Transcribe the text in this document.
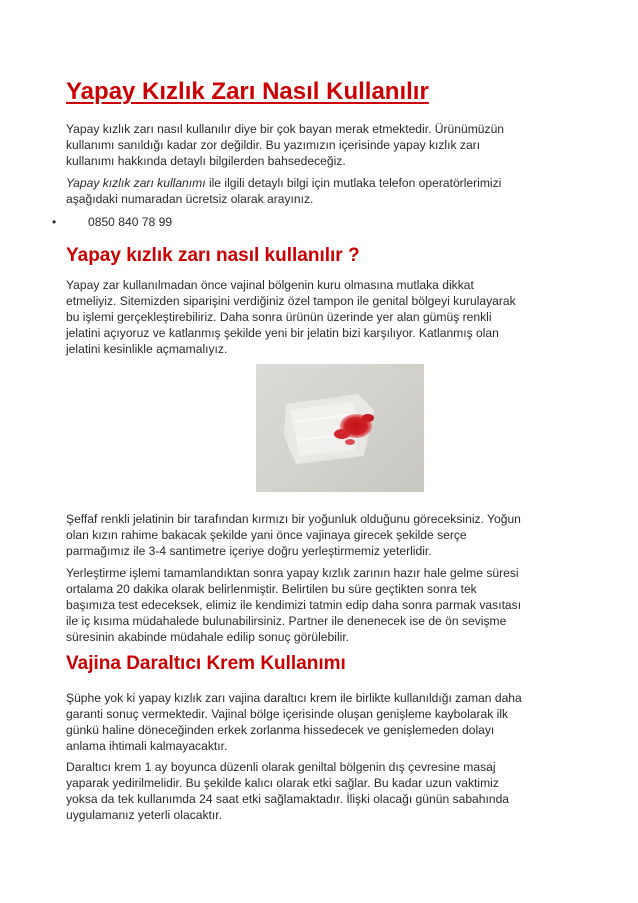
Yapay Kızlık Zarı Nasıl Kullanılır

Yapay kızlık zarı nasıl kullanılır diye bir çok bayan merak etmektedir. Ürünümüzün
kullanımı sanıldığı kadar zor değildir. Bu yazımızın içerisinde yapay kızlık zarı
kullanımı hakkında detaylı bilgilerden bahsedeceğiz.

Yapay kızlık zarı kullanımı ile ilgili detaylı bilgi için mutlaka telefon operatörlerimizi
aşağıdaki numaradan ücretsiz olarak arayınız.

•	0850 840 78 99
Yapay kızlık zarı nasıl kullanılır ?

Yapay zar kullanılmadan önce vajinal bölgenin kuru olmasına mutlaka dikkat
etmeliyiz. Sitemizden siparişini verdiğiniz özel tampon ile genital bölgeyi kurulayarak
bu işlemi gerçekleştirebiliriz. Daha sonra ürünün üzerinde yer alan gümüş renkli
jelatini açıyoruz ve katlanmış şekilde yeni bir jelatin bizi karşılıyor. Katlanmış olan
jelatini kesinlikle açmamalıyız.

Şeffaf renkli jelatinin bir tarafından kırmızı bir yoğunluk olduğunu göreceksiniz. Yoğun
olan kızın rahime bakacak şekilde yani önce vajinaya girecek şekilde serçe
parmağımız ile 3-4 santimetre içeriye doğru yerleştirmemiz yeterlidir.

Yerleştirme işlemi tamamlandıktan sonra yapay kızlık zarının hazır hale gelme süresi
ortalama 20 dakika olarak belirlenmiştir. Belirtilen bu süre geçtikten sonra tek
başımıza test edeceksek, elimiz ile kendimizi tatmin edip daha sonra parmak vasıtası
ile iç kısıma müdahalede bulunabilirsiniz. Partner ile denenecek ise de ön sevişme
süresinin akabinde müdahale edilip sonuç görülebilir.

Vajina Daraltıcı Krem Kullanımı

Şüphe yok ki yapay kızlık zarı vajina daraltıcı krem ile birlikte kullanıldığı zaman daha
garanti sonuç vermektedir. Vajinal bölge içerisinde oluşan genişleme kaybolarak ilk
günkü haline döneceğinden erkek zorlanma hissedecek ve genişlemeden dolayı
anlama ihtimali kalmayacaktır.

Daraltıcı krem 1 ay boyunca düzenli olarak geniltal bölgenin dış çevresine masaj
yaparak yedirilmelidir. Bu şekilde kalıcı olarak etki sağlar. Bu kadar uzun vaktimiz
yoksa da tek kullanımda 24 saat etki sağlamaktadır. İlişki olacağı günün sabahında
uygulamanız yeterli olacaktır.
